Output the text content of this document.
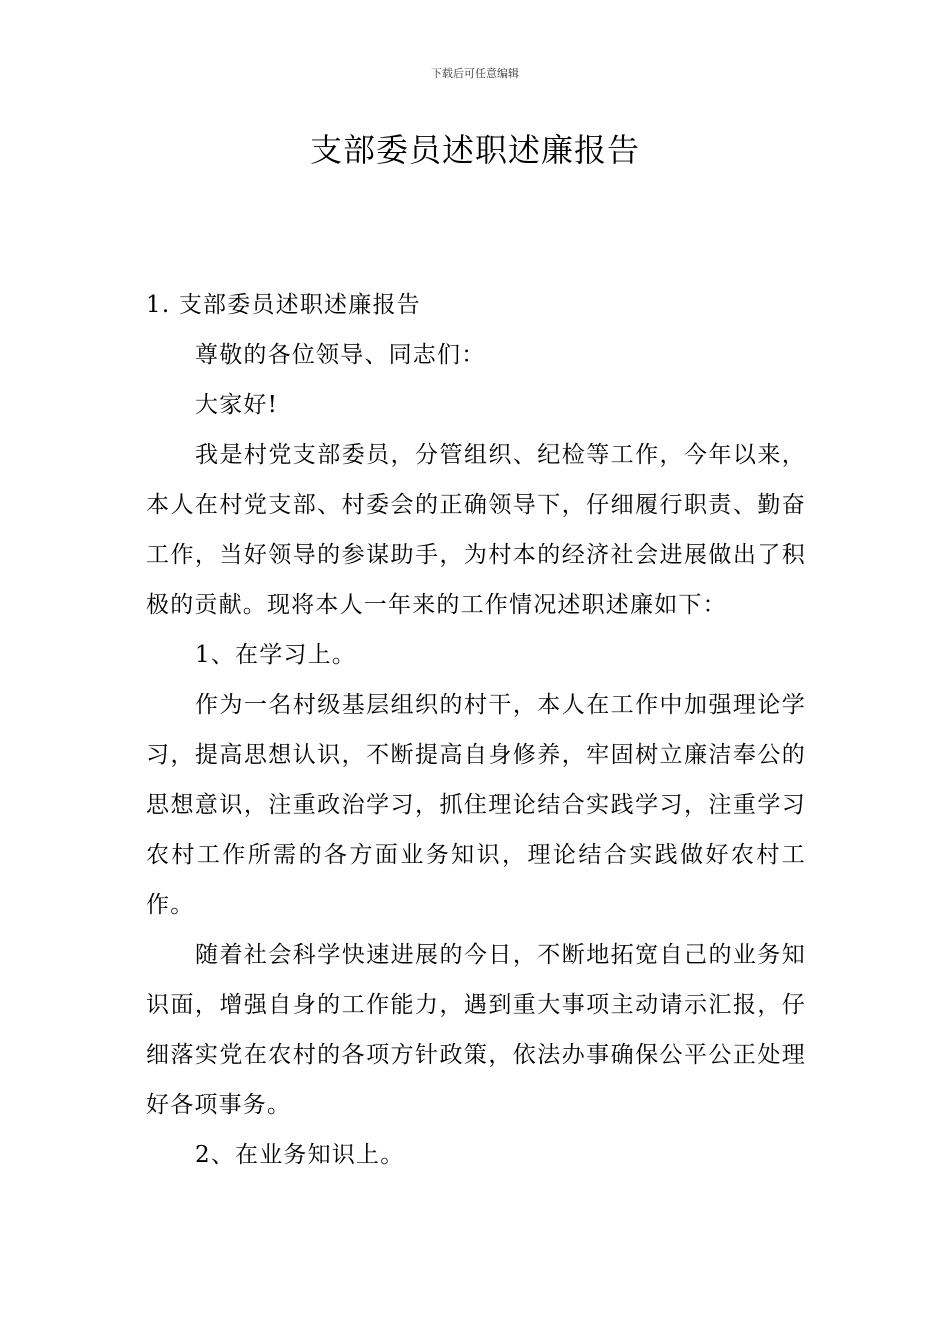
下载后可任意编辑
支部委员述职述廉报告

1. 支部委员述职述廉报告

尊敬的各位领导、同志们：

大家好!

我是村党支部委员，分管组织、纪检等工作，今年以来，本人在村党支部、村委会的正确领导下，仔细履行职责、勤奋工作，当好领导的参谋助手，为村本的经济社会进展做出了积极的贡献。现将本人一年来的工作情况述职述廉如下：

1、在学习上。

作为一名村级基层组织的村干，本人在工作中加强理论学习，提高思想认识，不断提高自身修养，牢固树立廉洁奉公的思想意识，注重政治学习，抓住理论结合实践学习，注重学习农村工作所需的各方面业务知识，理论结合实践做好农村工作。

随着社会科学快速进展的今日，不断地拓宽自己的业务知识面，增强自身的工作能力，遇到重大事项主动请示汇报，仔细落实党在农村的各项方针政策，依法办事确保公平公正处理好各项事务。

2、在业务知识上。
